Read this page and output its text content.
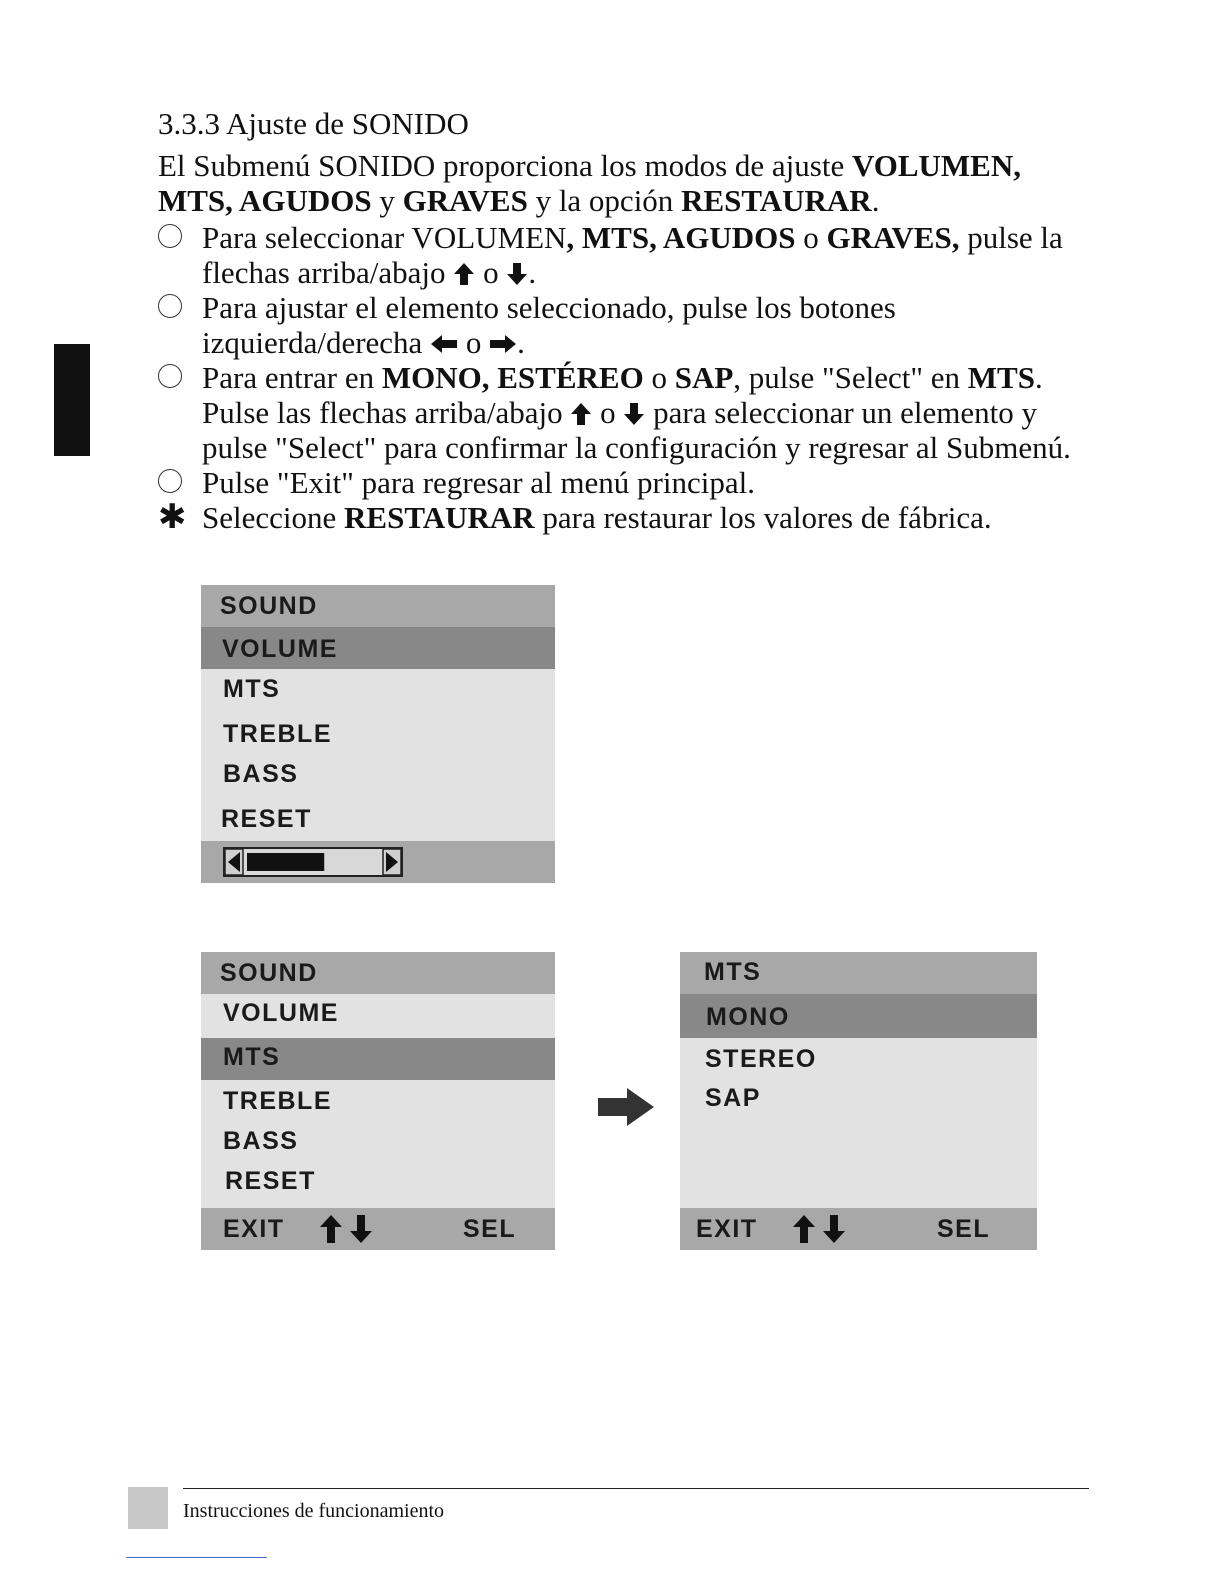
3.3.3 Ajuste de SONIDO
El Submenú SONIDO proporciona los modos de ajuste VOLUMEN,
MTS, AGUDOS y GRAVES y la opción RESTAURAR.
Para seleccionar VOLUMEN, MTS, AGUDOS o GRAVES, pulse la
flechas arriba/abajo  o .
Para ajustar el elemento seleccionado, pulse los botones
izquierda/derecha  o .
Para entrar en MONO, ESTÉREO o SAP, pulse "Select" en MTS.
Pulse las flechas arriba/abajo  o  para seleccionar un elemento y
pulse "Select" para confirmar la configuración y regresar al Submenú.
Pulse "Exit" para regresar al menú principal.
✱ Seleccione RESTAURAR para restaurar los valores de fábrica.
SOUND
VOLUME
MTS
TREBLE
BASS
RESET
SOUND
VOLUME
MTS
TREBLE
BASS
RESET
EXIT	SEL
MTS
MONO
STEREO
SAP
EXIT	SEL
Instrucciones de funcionamiento
